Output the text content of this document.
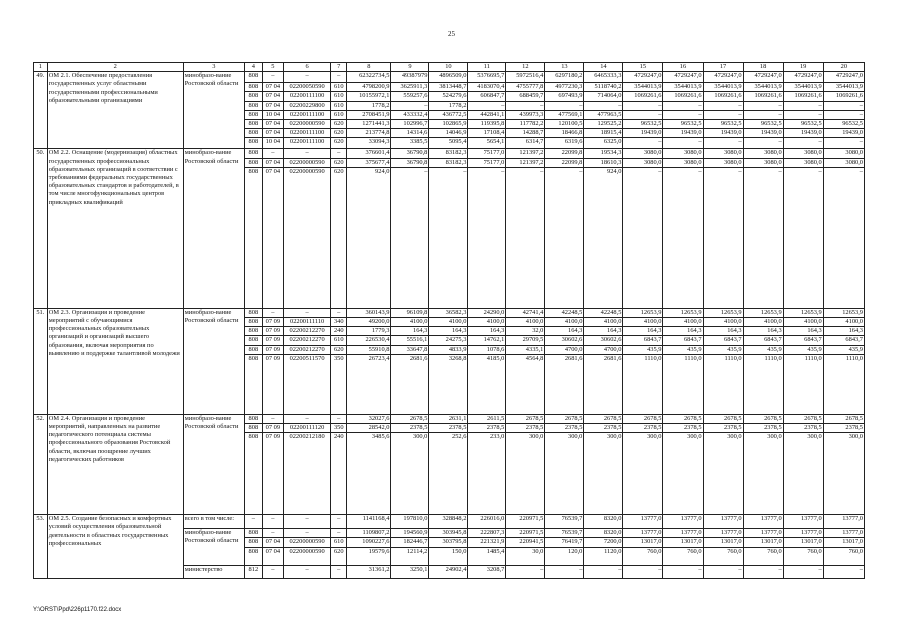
25
1	2	3	4	5	6	7	8	9	10	11	12	13	14	15	16	17	18	19	20
49.	ОМ 2.1. Обеспечение предоставления государственных услуг областными государственными профессиональными образовательными организациями	минобразо-вание Ростовской области	808	–	–	–	62322734,5	49387979	4896509,0	5376695,7	5972516,4	6297180,2	6465333,3	4729247,0	4729247,0	4729247,0	4729247,0	4729247,0	4729247,0
			808	07 04	02200050590	610	4798200,9	3625911,3	3813448,7	4183070,4	4755777,8	4977230,3	5118740,2	3544013,9	3544013,9	3544013,9	3544013,9	3544013,9	3544013,9
			808	07 04	02200111100	610	10155972,1	559257,6	524279,6	606847,7	688459,7	697493,9	714064,0	1069261,6	1069261,6	1069261,6	1069261,6	1069261,6	1069261,6
			808	07 04	02200229800	610	1778,2	–	1778,2	–	–	–	–	–	–	–	–	–	–
			808	10 04	02200111100	610	2708451,9	433332,4	436772,5	442841,1	439973,3	477569,1	477963,5	–	–	–	–	–	–
			808	07 04	02200000590	620	1271441,3	102996,7	102865,9	119395,8	117782,2	120100,5	129525,2	96532,5	96532,5	96532,5	96532,5	96532,5	96532,5
			808	07 04	02200111100	620	213774,8	14314,6	14046,9	17108,4	14288,7	18466,8	18915,4	19439,0	19439,0	19439,0	19439,0	19439,0	19439,0
			808	10 04	02200111100	620	33094,3	3385,5	5095,4	5654,1	6314,7	6319,6	6325,0	–	–	–	–	–	–
50.	ОМ 2.2. Оснащение (модернизация) областных государственных профессиональных образовательных организаций в соответствии с требованиями федеральных государственных образовательных стандартов и работодателей, в том числе многофункциональных центров прикладных квалификаций	минобразо-вание Ростовской области	808	–	–	–	376601,4	36790,8	83182,3	75177,0	121397,2	22099,8	19534,3	3080,0	3080,0	3080,0	3080,0	3080,0	3080,0
			808	07 04	02200000590	620	375677,4	36790,8	83182,3	75177,0	121397,2	22099,8	18610,3	3080,0	3080,0	3080,0	3080,0	3080,0	3080,0
			808	07 04	02200000590	620	924,0	–	–	–	–	–	924,0	–	–	–	–	–	–
51.	ОМ 2.3. Организация и проведение мероприятий с обучающимися профессиональных образовательных организаций и организаций высшего образования, включая мероприятия по выявлению и поддержке талантливой молодежи	минобразо-вание Ростовской области	808	–	–	–	360143,9	96109,8	36582,3	24290,0	42741,4	42248,5	42248,5	12653,9	12653,9	12653,9	12653,9	12653,9	12653,9
			808	07 09	02200111110	340	49200,0	4100,0	4100,0	4100,0	4100,0	4100,0	4100,0	4100,0	4100,0	4100,0	4100,0	4100,0	4100,0
			808	07 09	02200212270	240	1779,3	164,3	164,3	164,3	32,0	164,3	164,3	164,3	164,3	164,3	164,3	164,3	164,3
			808	07 09	02200212270	610	226530,4	55516,1	24275,3	14762,1	29709,5	30602,6	30602,6	6843,7	6843,7	6843,7	6843,7	6843,7	6843,7
			808	07 09	02200212270	620	55910,8	33647,8	4833,9	1078,6	4335,1	4700,0	4700,0	435,9	435,9	435,9	435,9	435,9	435,9
			808	07 09	02200511570	350	26723,4	2681,6	3268,8	4185,0	4564,8	2681,6	2681,6	1110,0	1110,0	1110,0	1110,0	1110,0	1110,0
52.	ОМ 2.4. Организация и проведение мероприятий, направленных на развитие педагогического потенциала системы профессионального образования Ростовской области, включая поощрение лучших педагогических работников	минобразо-вание Ростовской области	808	–	–	–	32027,6	2678,5	2631,1	2611,5	2678,5	2678,5	2678,5	2678,5	2678,5	2678,5	2678,5	2678,5	2678,5
			808	07 09	02200111120	350	28542,0	2378,5	2378,5	2378,5	2378,5	2378,5	2378,5	2378,5	2378,5	2378,5	2378,5	2378,5	2378,5
			808	07 09	02200212180	240	3485,6	300,0	252,6	233,0	300,0	300,0	300,0	300,0	300,0	300,0	300,0	300,0	300,0
53.	ОМ 2.5. Создание безопасных и комфортных условий осуществления образовательной деятельности в областных государственных профессиональных	всего в том числе:	–	–	–	–	1141168,4	197810,0	328848,2	226016,0	220971,5	76539,7	8320,0	13777,0	13777,0	13777,0	13777,0	13777,0	13777,0
		минобразо-вание Ростовской области	808	–	–	–	1109807,2	194560,9	303945,8	222807,3	220971,5	76539,7	8320,0	13777,0	13777,0	13777,0	13777,0	13777,0	13777,0
			808	07 04	02200000590	610	1090227,6	182446,7	303795,8	221321,9	220941,5	76419,7	7200,0	13017,0	13017,0	13017,0	13017,0	13017,0	13017,0
			808	07 04	02200000590	620	19579,6	12114,2	150,0	1485,4	30,0	120,0	1120,0	760,0	760,0	760,0	760,0	760,0	760,0
		министерство	812	–	–	–	31361,2	3250,1	24902,4	3208,7	–	–	–	–	–	–	–	–	–
Y:\ORST\Ppd\226p1170.f22.docx
